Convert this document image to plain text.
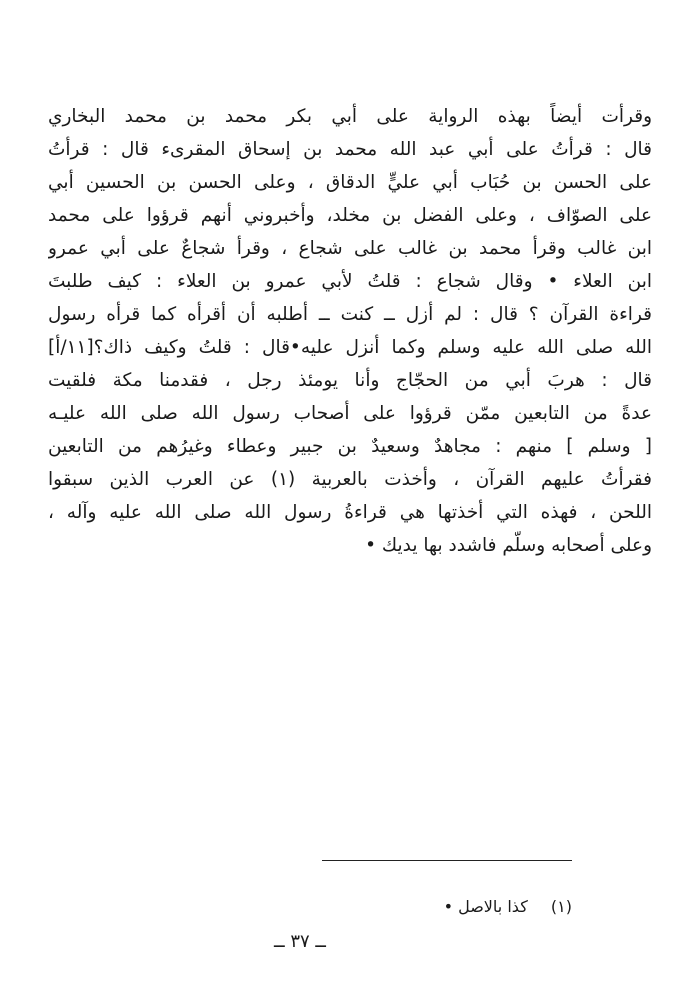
وقرأت أيضاً بهذه الرواية على أبي بكر محمد بن محمد البخاري
قال : قرأتُ على أبي عبد الله محمد بن إسحاق المقرىء قال : قرأتُ
على الحسن بن حُبَاب أبي عليٍّ الدقاق ، وعلى الحسن بن الحسين أبي
على الصوّاف ، وعلى الفضل بن مخلد، وأخبروني أنهم قرؤوا على محمد
ابن غالب وقرأ محمد بن غالب على شجاع ، وقرأ شجاعٌ على أبي عمرو
ابن العلاء • وقال شجاع : قلتُ لأبي عمرو بن العلاء : كيف طلبتَ
قراءة القرآن ؟ قال : لم أزل ــ كنت ــ أطلبه أن أقرأه كما قرأه رسول
الله صلى الله عليه وسلم وكما أنزل عليه•قال : قلتُ وكيف ذاك؟[١١/أ]
قال : هربَ أبي من الحجّاج وأنا يومئذ رجل ، فقدمنا مكة فلقيت
عدةً من التابعين ممّن قرؤوا على أصحاب رسول الله صلى الله عليـه
[ وسلم ] منهم : مجاهدٌ وسعيدٌ بن جبير وعطاء وغيرُهم من التابعين
فقرأتُ عليهم القرآن ، وأخذت بالعربية (١) عن العرب الذين سبقوا
اللحن ، فهذه التي أخذتها هي قراءةُ رسول الله صلى الله عليه وآله ،
وعلى أصحابه وسلّم فاشدد بها يديك •
(١) كذا بالاصل •
ــ ٣٧ ــ
